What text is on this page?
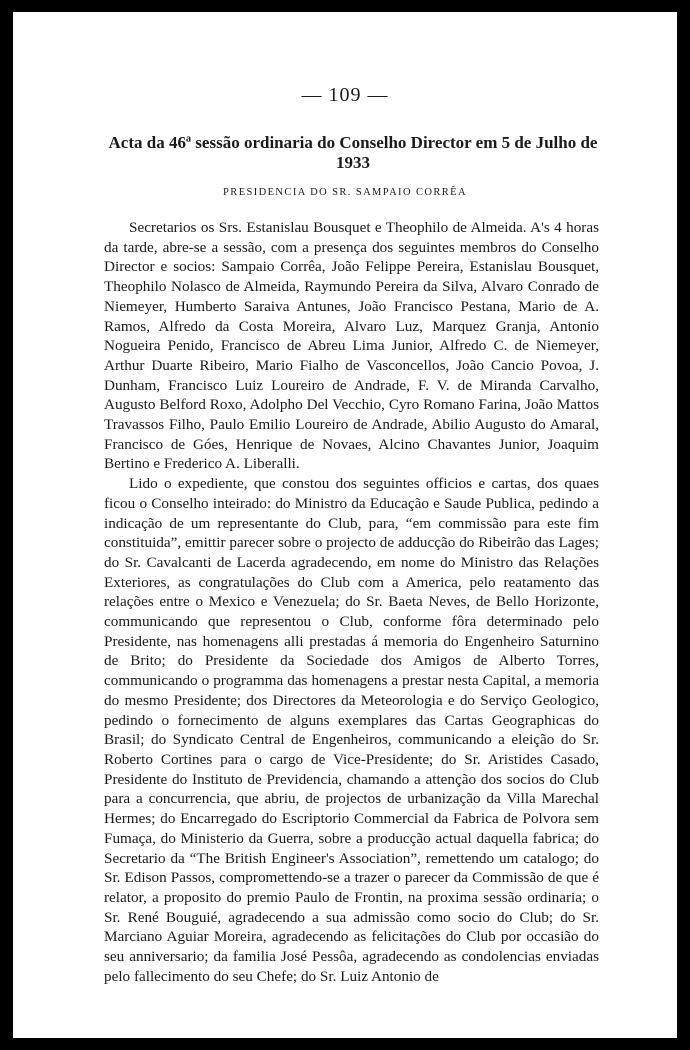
— 109 —
Acta da 46ª sessão ordinaria do Conselho Director em 5 de Julho de 1933
PRESIDENCIA DO SR. SAMPAIO CORRÊA

Secretarios os Srs. Estanislau Bousquet e Theophilo de Almeida. A's 4 horas da tarde, abre-se a sessão, com a presença dos seguintes membros do Conselho Director e socios: Sampaio Corrêa, João Felippe Pereira, Estanislau Bousquet, Theophilo Nolasco de Almeida, Raymundo Pereira da Silva, Alvaro Conrado de Niemeyer, Humberto Saraiva Antunes, João Francisco Pestana, Mario de A. Ramos, Alfredo da Costa Moreira, Alvaro Luz, Marquez Granja, Antonio Nogueira Penido, Francisco de Abreu Lima Junior, Alfredo C. de Niemeyer, Arthur Duarte Ribeiro, Mario Fialho de Vasconcellos, João Cancio Povoa, J. Dunham, Francisco Luiz Loureiro de Andrade, F. V. de Miranda Carvalho, Augusto Belford Roxo, Adolpho Del Vecchio, Cyro Romano Farina, João Mattos Travassos Filho, Paulo Emilio Loureiro de Andrade, Abilio Augusto do Amaral, Francisco de Góes, Henrique de Novaes, Alcino Chavantes Junior, Joaquim Bertino e Frederico A. Liberalli.

Lido o expediente, que constou dos seguintes officios e cartas, dos quaes ficou o Conselho inteirado: do Ministro da Educação e Saude Publica, pedindo a indicação de um representante do Club, para, “em commissão para este fim constituida”, emittir parecer sobre o projecto de adducção do Ribeirão das Lages; do Sr. Cavalcanti de Lacerda agradecendo, em nome do Ministro das Relações Exteriores, as congratulações do Club com a America, pelo reatamento das relações entre o Mexico e Venezuela; do Sr. Baeta Neves, de Bello Horizonte, communicando que representou o Club, conforme fôra determinado pelo Presidente, nas homenagens alli prestadas á memoria do Engenheiro Saturnino de Brito; do Presidente da Sociedade dos Amigos de Alberto Torres, communicando o programma das homenagens a prestar nesta Capital, a memoria do mesmo Presidente; dos Directores da Meteorologia e do Serviço Geologico, pedindo o fornecimento de alguns exemplares das Cartas Geographicas do Brasil; do Syndicato Central de Engenheiros, communicando a eleição do Sr. Roberto Cortines para o cargo de Vice-Presidente; do Sr. Aristides Casado, Presidente do Instituto de Previdencia, chamando a attenção dos socios do Club para a concurrencia, que abriu, de projectos de urbanização da Villa Marechal Hermes; do Encarregado do Escriptorio Commercial da Fabrica de Polvora sem Fumaça, do Ministerio da Guerra, sobre a producção actual daquella fabrica; do Secretario da “The British Engineer's Association”, remettendo um catalogo; do Sr. Edison Passos, compromettendo-se a trazer o parecer da Commissão de que é relator, a proposito do premio Paulo de Frontin, na proxima sessão ordinaria; o Sr. René Bouguié, agradecendo a sua admissão como socio do Club; do Sr. Marciano Aguiar Moreira, agradecendo as felicitações do Club por occasião do seu anniversario; da familia José Pessôa, agradecendo as condolencias enviadas pelo fallecimento do seu Chefe; do Sr. Luiz Antonio de
